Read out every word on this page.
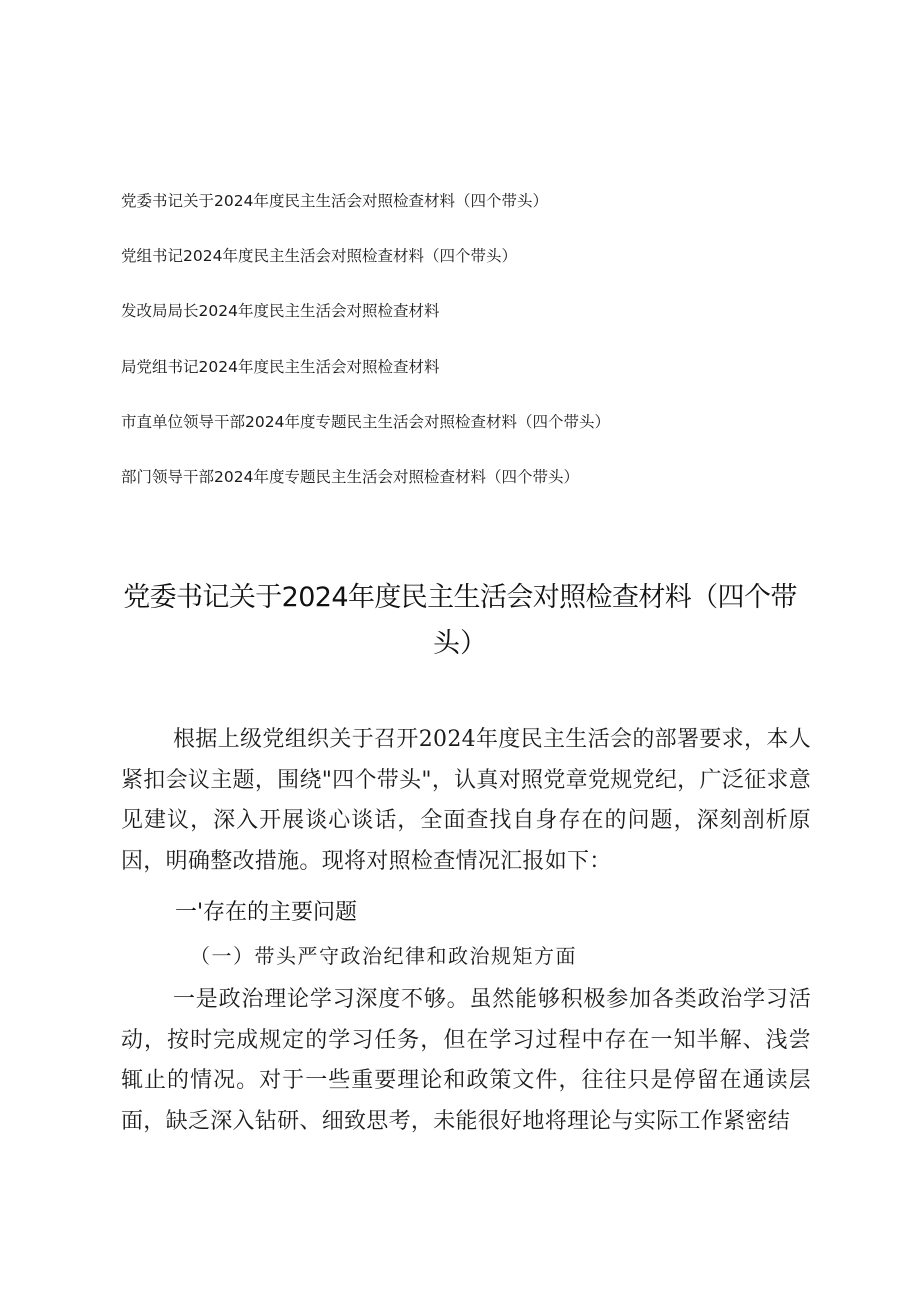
党委书记关于2024年度民主生活会对照检查材料（四个带头）
党组书记2024年度民主生活会对照检查材料（四个带头）
发改局局长2024年度民主生活会对照检查材料
局党组书记2024年度民主生活会对照检查材料
市直单位领导干部2024年度专题民主生活会对照检查材料（四个带头）
部门领导干部2024年度专题民主生活会对照检查材料（四个带头）
党委书记关于2024年度民主生活会对照检查材料（四个带
头）
根据上级党组织关于召开2024年度民主生活会的部署要求，本人紧扣会议主题，围绕"四个带头"，认真对照党章党规党纪，广泛征求意见建议，深入开展谈心谈话，全面查找自身存在的问题，深刻剖析原因，明确整改措施。现将对照检查情况汇报如下：
一'存在的主要问题
（一）带头严守政治纪律和政治规矩方面
一是政治理论学习深度不够。虽然能够积极参加各类政治学习活动，按时完成规定的学习任务，但在学习过程中存在一知半解、浅尝辄止的情况。对于一些重要理论和政策文件，往往只是停留在通读层面，缺乏深入钻研、细致思考，未能很好地将理论与实际工作紧密结
